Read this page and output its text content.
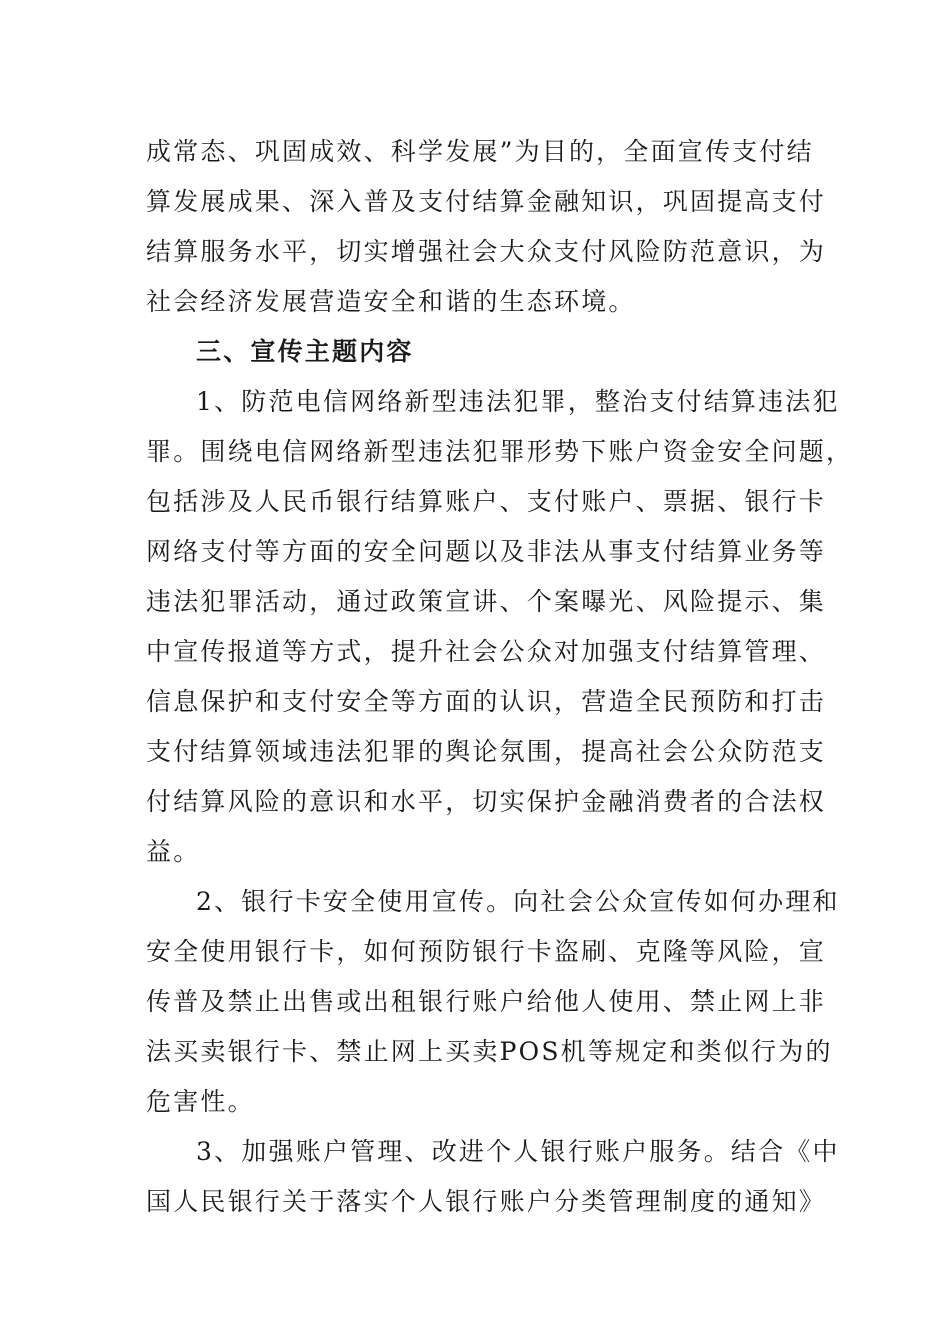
成常态、巩固成效、科学发展”为目的，全面宣传支付结
算发展成果、深入普及支付结算金融知识，巩固提高支付
结算服务水平，切实增强社会大众支付风险防范意识，为
社会经济发展营造安全和谐的生态环境。
三、宣传主题内容
1、防范电信网络新型违法犯罪，整治支付结算违法犯
罪。围绕电信网络新型违法犯罪形势下账户资金安全问题，
包括涉及人民币银行结算账户、支付账户、票据、银行卡
网络支付等方面的安全问题以及非法从事支付结算业务等
违法犯罪活动，通过政策宣讲、个案曝光、风险提示、集
中宣传报道等方式，提升社会公众对加强支付结算管理、
信息保护和支付安全等方面的认识，营造全民预防和打击
支付结算领域违法犯罪的舆论氛围，提高社会公众防范支
付结算风险的意识和水平，切实保护金融消费者的合法权
益。
2、银行卡安全使用宣传。向社会公众宣传如何办理和
安全使用银行卡，如何预防银行卡盗刷、克隆等风险，宣
传普及禁止出售或出租银行账户给他人使用、禁止网上非
法买卖银行卡、禁止网上买卖POS机等规定和类似行为的
危害性。
3、加强账户管理、改进个人银行账户服务。结合《中
国人民银行关于落实个人银行账户分类管理制度的通知》
